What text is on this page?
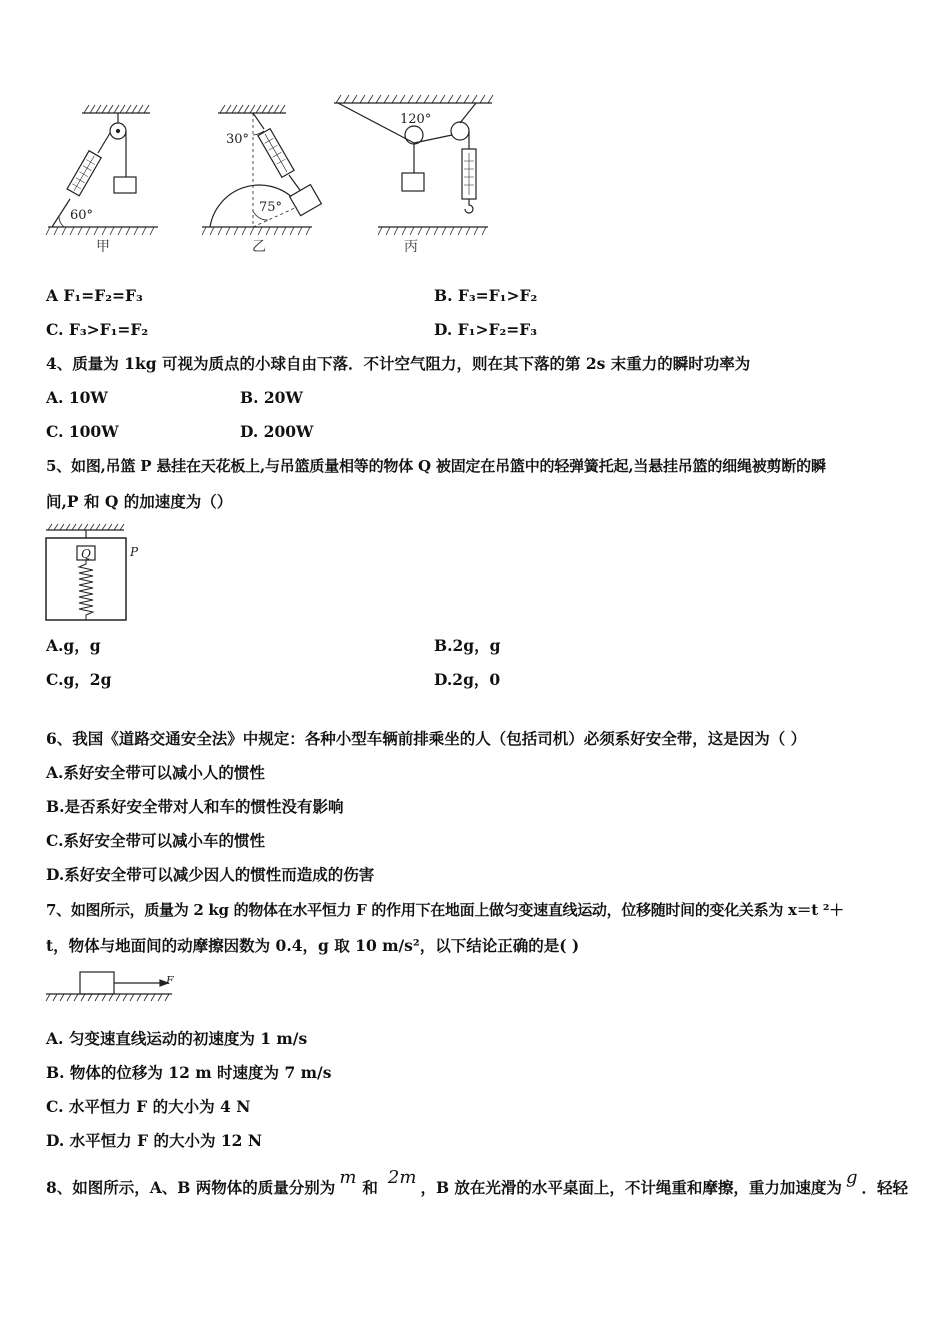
60°
甲
30°
75°
乙
120°
丙
A F₁=F₂=F₃	B. F₃=F₁>F₂
C. F₃>F₁=F₂	D. F₁>F₂=F₃
4、质量为 1kg 可视为质点的小球自由下落．不计空气阻力，则在其下落的第 2s 末重力的瞬时功率为
A. 10W	B. 20W
C. 100W	D. 200W
5、如图,吊篮 P 悬挂在天花板上,与吊篮质量相等的物体 Q 被固定在吊篮中的轻弹簧托起,当悬挂吊篮的细绳被剪断的瞬
间,P 和 Q 的加速度为（）
Q	P
A.g，g	B.2g，g
C.g，2g	D.2g，0
6、我国《道路交通安全法》中规定：各种小型车辆前排乘坐的人（包括司机）必须系好安全带，这是因为（ ）
A.系好安全带可以减小人的惯性
B.是否系好安全带对人和车的惯性没有影响
C.系好安全带可以减小车的惯性
D.系好安全带可以减少因人的惯性而造成的伤害
7、如图所示，质量为 2 kg 的物体在水平恒力 F 的作用下在地面上做匀变速直线运动，位移随时间的变化关系为 x＝t ²＋
t，物体与地面间的动摩擦因数为 0.4，g 取 10 m/s²，以下结论正确的是( )
F
A. 匀变速直线运动的初速度为 1 m/s
B. 物体的位移为 12 m 时速度为 7 m/s
C. 水平恒力 F 的大小为 4 N
D. 水平恒力 F 的大小为 12 N
8、如图所示，A、B 两物体的质量分别为 m 和 2m ，B 放在光滑的水平桌面上，不计绳重和摩擦，重力加速度为 g ．轻轻
